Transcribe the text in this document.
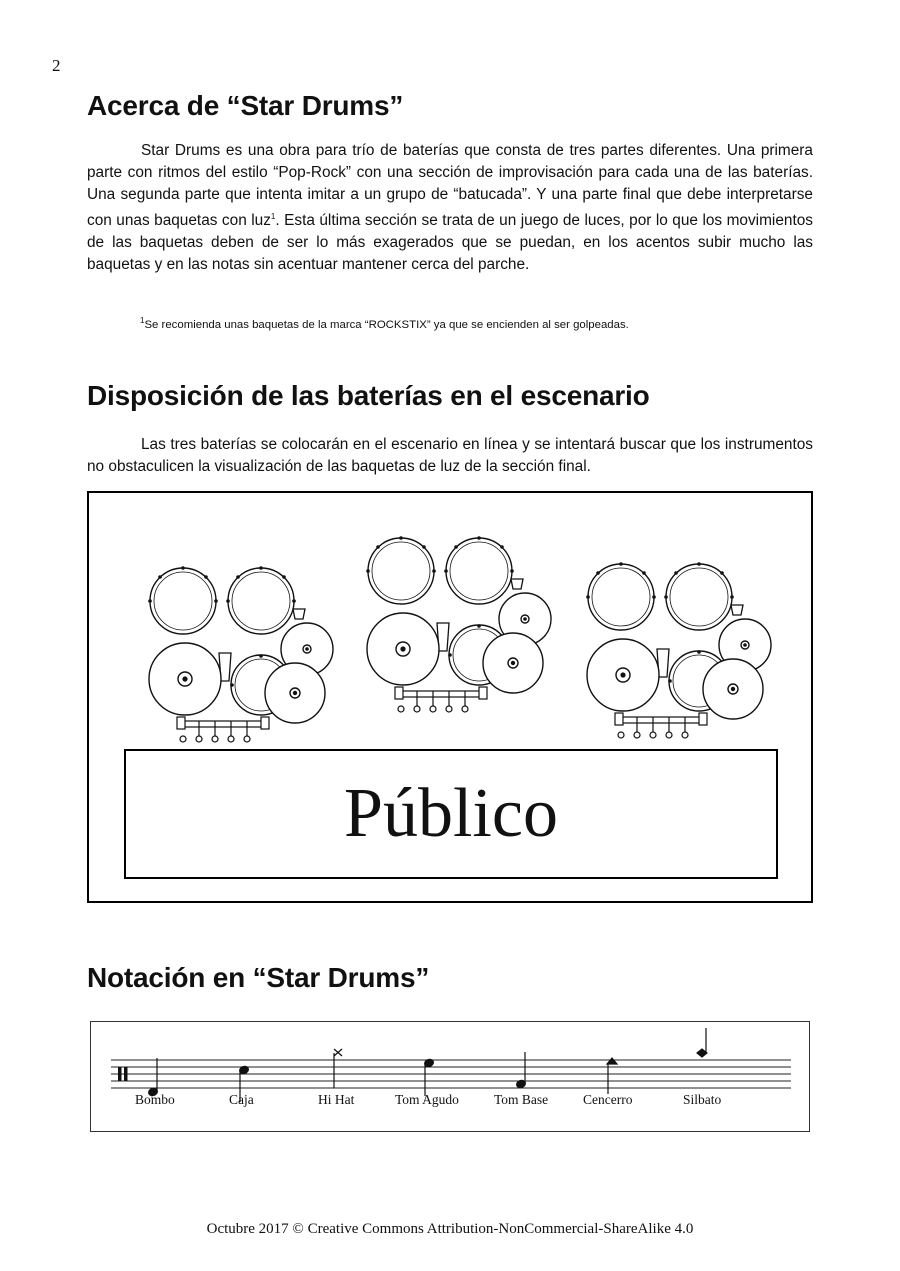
2
Acerca de “Star Drums”

Star Drums es una obra para trío de baterías que consta de tres partes diferentes. Una primera parte con ritmos del estilo “Pop-Rock” con una sección de improvisación para cada una de las baterías. Una segunda parte que intenta imitar a un grupo de “batucada”. Y una parte final que debe interpretarse con unas baquetas con luz$^1$. Esta última sección se trata de un juego de luces, por lo que los movimientos de las baquetas deben de ser lo más exagerados que se puedan, en los acentos subir mucho las baquetas y en las notas sin acentuar mantener cerca del parche.

$^1$Se recomienda unas baquetas de la marca “ROCKSTIX” ya que se encienden al ser golpeadas.

Disposición de las baterías en el escenario

Las tres baterías se colocarán en el escenario en línea y se intentará buscar que los instrumentos no obstaculicen la visualización de las baquetas de luz de la sección final.

Público
Notación en “Star Drums”
Bombo	Caja	Hi Hat	Tom Agudo	Tom Base	Cencerro	Silbato
Octubre 2017 © Creative Commons Attribution-NonCommercial-ShareAlike 4.0
